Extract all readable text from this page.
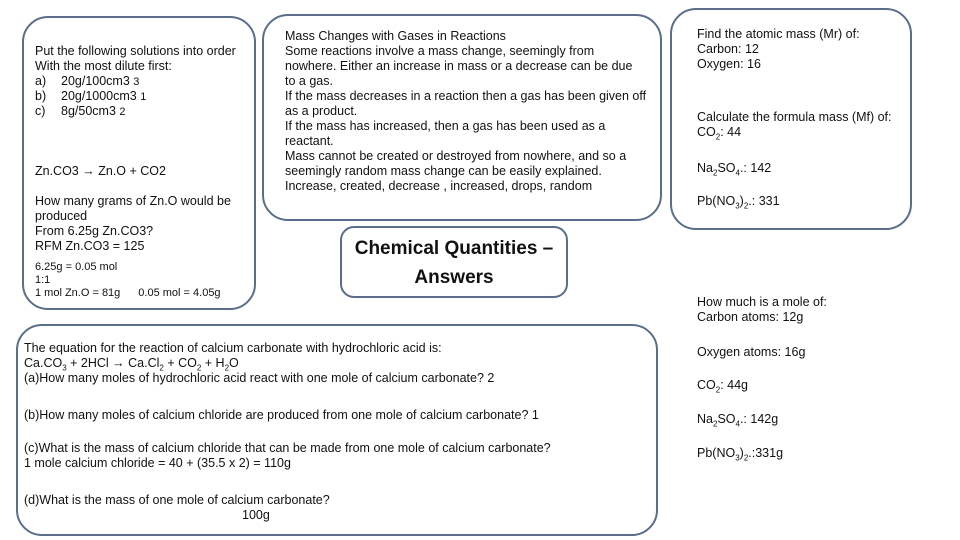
Put the following solutions into order
With the most dilute first:
a) 20g/100cm3 3
b) 20g/1000cm3 1
c) 8g/50cm3 2
Zn.CO3 → Zn.O + CO2
How many grams of Zn.O would be
produced
From 6.25g Zn.CO3?
RFM Zn.CO3 = 125
6.25g = 0.05 mol
1:1
1 mol Zn.O = 81g 0.05 mol = 4.05g
Mass Changes with Gases in Reactions
Some reactions involve a mass change, seemingly from
nowhere. Either an increase in mass or a decrease can be due
to a gas.
If the mass decreases in a reaction then a gas has been given off
as a product.
If the mass has increased, then a gas has been used as a
reactant.
Mass cannot be created or destroyed from nowhere, and so a
seemingly random mass change can be easily explained.
Increase, created, decrease , increased, drops, random
Find the atomic mass (Mr) of:
Carbon: 12
Oxygen: 16
Calculate the formula mass (Mf) of:
$CO_2$: 44
$Na_2SO_4$.: 142
$Pb(NO_3)_2$.: 331
Chemical Quantities –
Answers
The equation for the reaction of calcium carbonate with hydrochloric acid is:
$Ca.CO_3 + 2HCl \to Ca.Cl_2 + CO_2 + H_2O$
(a)How many moles of hydrochloric acid react with one mole of calcium carbonate? 2
(b)How many moles of calcium chloride are produced from one mole of calcium carbonate? 1
(c)What is the mass of calcium chloride that can be made from one mole of calcium carbonate?
1 mole calcium chloride = 40 + (35.5 x 2) = 110g
(d)What is the mass of one mole of calcium carbonate?
100g
How much is a mole of:
Carbon atoms: 12g
Oxygen atoms: 16g
$CO_2$: 44g
$Na_2SO_4$.: 142g
$Pb(NO_3)_2.:331g$
